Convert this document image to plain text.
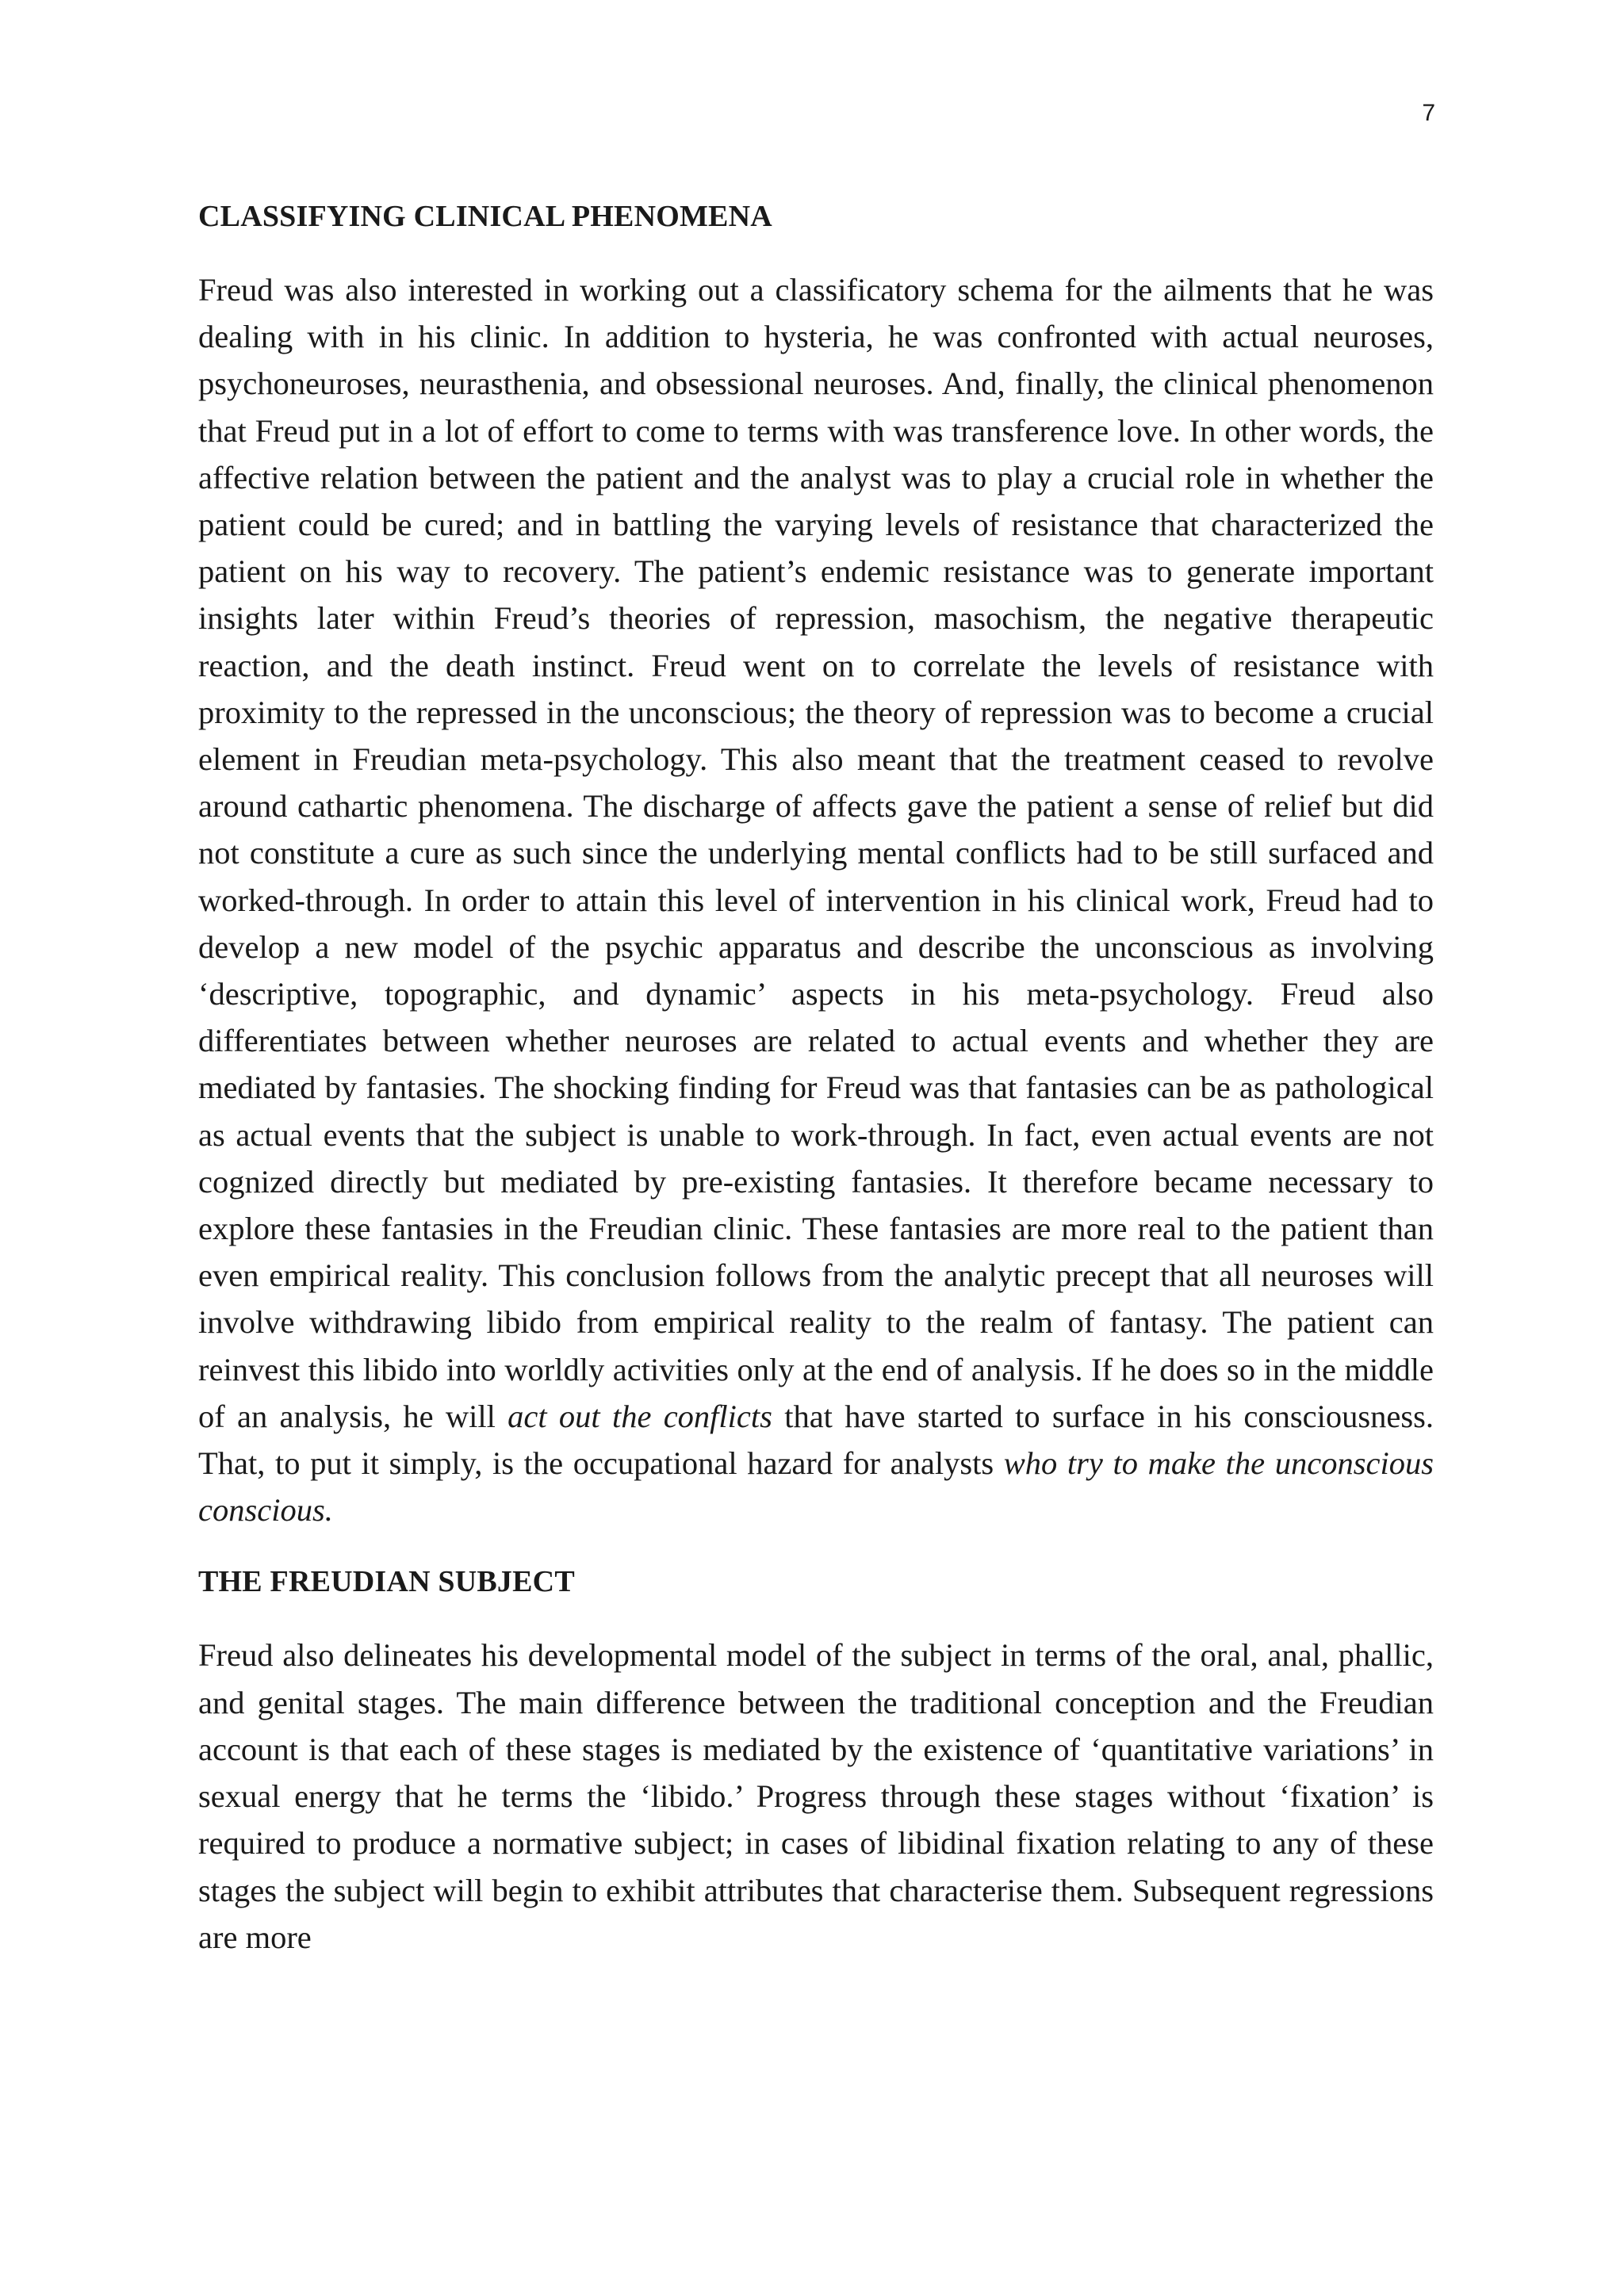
7
CLASSIFYING CLINICAL PHENOMENA

Freud was also interested in working out a classificatory schema for the ailments that he was dealing with in his clinic. In addition to hysteria, he was confronted with actual neuroses, psychoneuroses, neurasthenia, and obsessional neuroses. And, finally, the clinical phenomenon that Freud put in a lot of effort to come to terms with was transference love. In other words, the affective relation between the patient and the analyst was to play a crucial role in whether the patient could be cured; and in battling the varying levels of resistance that characterized the patient on his way to recovery. The patient’s endemic resistance was to generate important insights later within Freud’s theories of repression, masochism, the negative therapeutic reaction, and the death instinct. Freud went on to correlate the levels of resistance with proximity to the repressed in the unconscious; the theory of repression was to become a crucial element in Freudian meta-psychology. This also meant that the treatment ceased to revolve around cathartic phenomena. The discharge of affects gave the patient a sense of relief but did not constitute a cure as such since the underlying mental conflicts had to be still surfaced and worked-through. In order to attain this level of intervention in his clinical work, Freud had to develop a new model of the psychic apparatus and describe the unconscious as involving ‘descriptive, topographic, and dynamic’ aspects in his meta-psychology. Freud also differentiates between whether neuroses are related to actual events and whether they are mediated by fantasies. The shocking finding for Freud was that fantasies can be as pathological as actual events that the subject is unable to work-through. In fact, even actual events are not cognized directly but mediated by pre-existing fantasies. It therefore became necessary to explore these fantasies in the Freudian clinic. These fantasies are more real to the patient than even empirical reality. This conclusion follows from the analytic precept that all neuroses will involve withdrawing libido from empirical reality to the realm of fantasy. The patient can reinvest this libido into worldly activities only at the end of analysis. If he does so in the middle of an analysis, he will act out the conflicts that have started to surface in his consciousness. That, to put it simply, is the occupational hazard for analysts who try to make the unconscious conscious.

THE FREUDIAN SUBJECT

Freud also delineates his developmental model of the subject in terms of the oral, anal, phallic, and genital stages. The main difference between the traditional conception and the Freudian account is that each of these stages is mediated by the existence of ‘quantitative variations’ in sexual energy that he terms the ‘libido.’ Progress through these stages without ‘fixation’ is required to produce a normative subject; in cases of libidinal fixation relating to any of these stages the subject will begin to exhibit attributes that characterise them. Subsequent regressions are more
